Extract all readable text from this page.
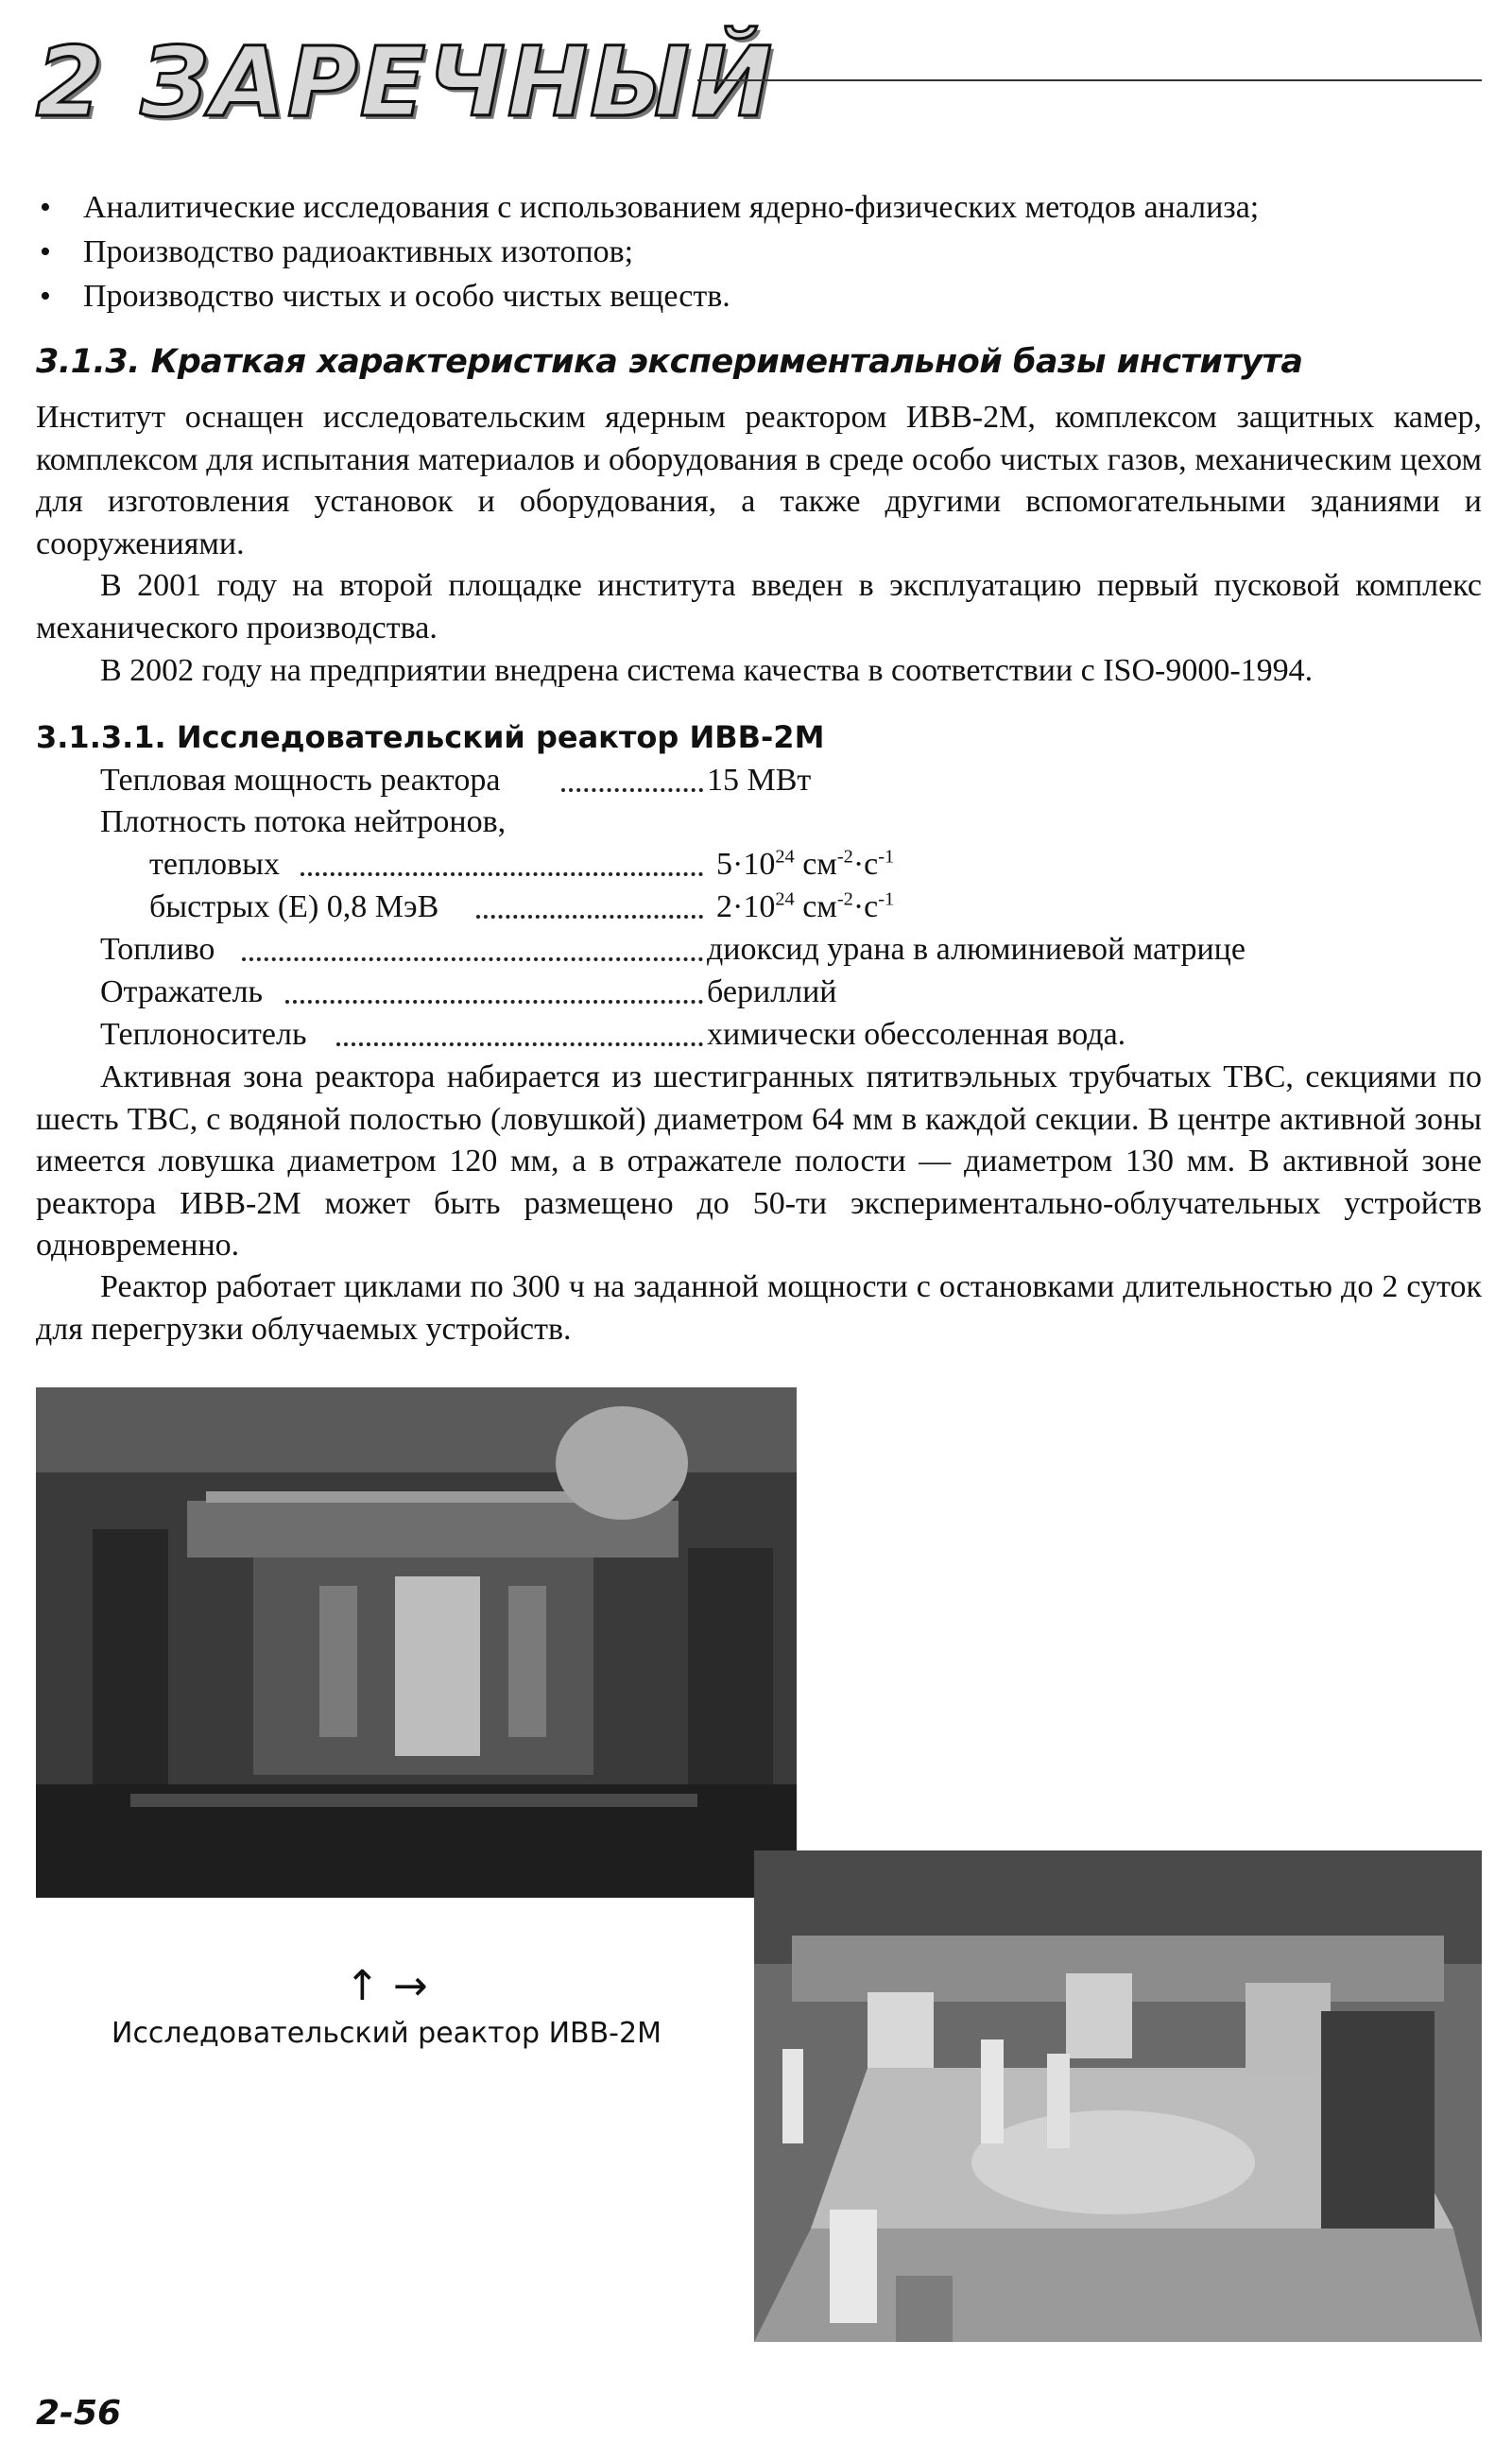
2 ЗАРЕЧНЫЙ
• Аналитические исследования с использованием ядерно-физических методов анализа;
• Производство радиоактивных изотопов;
• Производство чистых и особо чистых веществ.
3.1.3. Краткая характеристика экспериментальной базы института

Институт оснащен исследовательским ядерным реактором ИВВ-2М, комплексом защитных камер, комплексом для испытания материалов и оборудования в среде особо чистых газов, механическим цехом для изготовления установок и оборудования, а также другими вспомогательными зданиями и сооружениями.

В 2001 году на второй площадке института введен в эксплуатацию первый пусковой комплекс механического производства.

В 2002 году на предприятии внедрена система качества в соответствии с ISO-9000-1994.

3.1.3.1. Исследовательский реактор ИВВ-2М
Тепловая мощность реактора	15 МВт
Плотность потока нейтронов,
тепловых	$5\cdot 10^{24}$ $см^{-2}\cdot с^{-1}$
быстрых (Е) 0,8 МэВ	$2\cdot 10^{24}$ $см^{-2}\cdot с^{-1}$
Топливо	диоксид урана в алюминиевой матрице
Отражатель	бериллий
Теплоноситель	химически обессоленная вода.

Активная зона реактора набирается из шестигранных пятитвэльных трубчатых ТВС, секциями по шесть ТВС, с водяной полостью (ловушкой) диаметром 64 мм в каждой секции. В центре активной зоны имеется ловушка диаметром 120 мм, а в отражателе полости — диаметром 130 мм. В активной зоне реактора ИВВ-2М может быть размещено до 50-ти экспериментально-облучательных устройств одновременно.

Реактор работает циклами по 300 ч на заданной мощности с остановками длительностью до 2 суток для перегрузки облучаемых устройств.

↑ →
Исследовательский реактор ИВВ-2М
2-56
